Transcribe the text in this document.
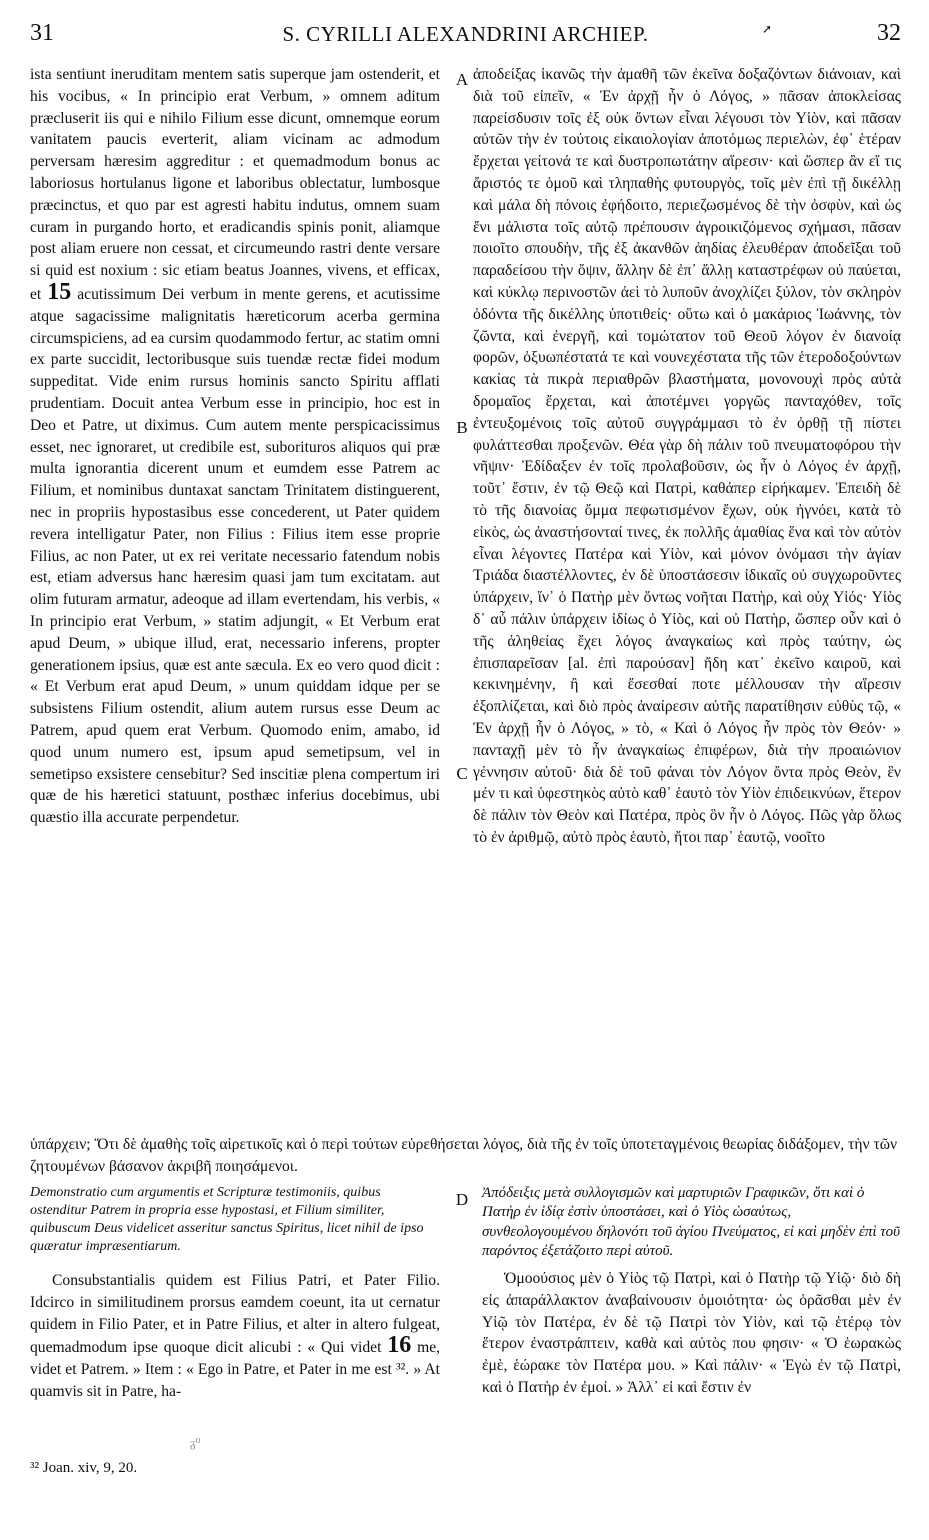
31	S. CYRILLI ALEXANDRINI ARCHIEP.	➚	32

ista sentiunt ineruditam mentem satis superque jam ostenderit, et his vocibus, « In principio erat Verbum, » omnem aditum præcluserit iis qui e nihilo Filium esse dicunt, omnemque eorum vanitatem paucis everterit, aliam vicinam ac admodum perversam hæresim aggreditur : et quemadmodum bonus ac laboriosus hortulanus ligone et laboribus oblectatur, lumbosque præcinctus, et quo par est agresti habitu indutus, omnem suam curam in purgando horto, et eradicandis spinis ponit, aliamque post aliam eruere non cessat, et circumeundo rastri dente versare si quid est noxium : sic etiam beatus Joannes, vivens, et efficax, et 15 acutissimum Dei verbum in mente gerens, et acutissime atque sagacissime malignitatis hæreticorum acerba germina circumspiciens, ad ea cursim quodammodo fertur, ac statim omni ex parte succidit, lectoribusque suis tuendæ rectæ fidei modum suppeditat. Vide enim rursus hominis sancto Spiritu afflati prudentiam. Docuit antea Verbum esse in principio, hoc est in Deo et Patre, ut diximus. Cum autem mente perspicacissimus esset, nec ignoraret, ut credibile est, suborituros aliquos qui præ multa ignorantia dicerent unum et eumdem esse Patrem ac Filium, et nominibus duntaxat sanctam Trinitatem distinguerent, nec in propriis hypostasibus esse concederent, ut Pater quidem revera intelligatur Pater, non Filius : Filius item esse proprie Filius, ac non Pater, ut ex rei veritate necessario fatendum nobis est, etiam adversus hanc hæresim quasi jam tum excitatam. aut olim futuram armatur, adeoque ad illam evertendam, his verbis, « In principio erat Verbum, » statim adjungit, « Et Verbum erat apud Deum, » ubique illud, erat, necessario inferens, propter generationem ipsius, quæ est ante sæcula. Ex eo vero quod dicit : « Et Verbum erat apud Deum, » unum quiddam idque per se subsistens Filium ostendit, alium autem rursus esse Deum ac Patrem, apud quem erat Verbum. Quomodo enim, amabo, id quod unum numero est, ipsum apud semetipsum, vel in semetipso exsistere censebitur? Sed inscitiæ plena compertum iri quæ de his hæretici statuunt, posthæc inferius docebimus, ubi quæstio illa accurate perpendetur.

A
B
C
D

ἀποδείξας ἱκανῶς τὴν ἀμαθῆ τῶν ἐκεῖνα δοξαζόντων διάνοιαν, καὶ διὰ τοῦ εἰπεῖν, « Ἐν ἀρχῇ ἦν ὁ Λόγος, » πᾶσαν ἀποκλείσας παρείσδυσιν τοῖς ἐξ οὐκ ὄντων εἶναι λέγουσι τὸν Υἱὸν, καὶ πᾶσαν αὐτῶν τὴν ἐν τούτοις εἰκαιολογίαν ἀποτόμως περιελὼν, ἐφ᾽ ἑτέραν ἔρχεται γείτονά τε καὶ δυστροπωτάτην αἵρεσιν· καὶ ὥσπερ ἂν εἴ τις ἄριστός τε ὁμοῦ καὶ τληπαθὴς φυτουργὸς, τοῖς μὲν ἐπὶ τῇ δικέλλῃ καὶ μάλα δὴ πόνοις ἐφήδοιτο, περιεζωσμένος δὲ τὴν ὀσφὺν, καὶ ὡς ἔνι μάλιστα τοῖς αὐτῷ πρέπουσιν ἀγροικιζόμενος σχήμασι, πᾶσαν ποιοῖτο σπουδὴν, τῆς ἐξ ἀκανθῶν ἀηδίας ἐλευθέραν ἀποδεῖξαι τοῦ παραδείσου τὴν ὄψιν, ἄλλην δὲ ἐπ᾽ ἄλλῃ καταστρέφων οὐ παύεται, καὶ κύκλῳ περινοστῶν ἀεὶ τὸ λυποῦν ἀνοχλίζει ξύλον, τὸν σκληρὸν ὀδόντα τῆς δικέλλης ὑποτιθείς· οὕτω καὶ ὁ μακάριος Ἰωάννης, τὸν ζῶντα, καὶ ἐνεργῆ, καὶ τομώτατον τοῦ Θεοῦ λόγον ἐν διανοίᾳ φορῶν, ὀξυωπέστατά τε καὶ νουνεχέστατα τῆς τῶν ἑτεροδοξούντων κακίας τὰ πικρὰ περιαθρῶν βλαστήματα, μονονουχὶ πρὸς αὐτὰ δρομαῖος ἔρχεται, καὶ ἀποτέμνει γοργῶς πανταχόθεν, τοῖς ἐντευξομένοις τοῖς αὐτοῦ συγγράμμασι τὸ ἐν ὀρθῇ τῇ πίστει φυλάττεσθαι προξενῶν. Θέα γὰρ δὴ πάλιν τοῦ πνευματοφόρου τὴν νῆψιν· Ἐδίδαξεν ἐν τοῖς προλαβοῦσιν, ὡς ἦν ὁ Λόγος ἐν ἀρχῇ, τοῦτ᾽ ἔστιν, ἐν τῷ Θεῷ καὶ Πατρὶ, καθάπερ εἰρήκαμεν. Ἐπειδὴ δὲ τὸ τῆς διανοίας ὄμμα πεφωτισμένον ἔχων, οὐκ ἠγνόει, κατὰ τὸ εἰκὸς, ὡς ἀναστήσονταί τινες, ἐκ πολλῆς ἀμαθίας ἕνα καὶ τὸν αὐτὸν εἶναι λέγοντες Πατέρα καὶ Υἱὸν, καὶ μόνον ὀνόμασι τὴν ἁγίαν Τριάδα διαστέλλοντες, ἐν δὲ ὑποστάσεσιν ἰδικαῖς οὐ συγχωροῦντες ὑπάρχειν, ἵν᾽ ὁ Πατὴρ μὲν ὄντως νοῆται Πατὴρ, καὶ οὐχ Υἱός· Υἱὸς δ᾽ αὖ πάλιν ὑπάρχειν ἰδίως ὁ Υἱὸς, καὶ οὐ Πατὴρ, ὥσπερ οὖν καὶ ὁ τῆς ἀληθείας ἔχει λόγος ἀναγκαίως καὶ πρὸς ταύτην, ὡς ἐπισπαρεῖσαν [al. ἐπὶ παρούσαν] ἤδη κατ᾽ ἐκεῖνο καιροῦ, καὶ κεκινημένην, ἢ καὶ ἔσεσθαί ποτε μέλλουσαν τὴν αἵρεσιν ἐξοπλίζεται, καὶ διὸ πρὸς ἀναίρεσιν αὐτῆς παρατίθησιν εὐθὺς τῷ, « Ἐν ἀρχῇ ἦν ὁ Λόγος, » τὸ, « Καὶ ὁ Λόγος ἦν πρὸς τὸν Θεόν· » πανταχῇ μὲν τὸ ἦν ἀναγκαίως ἐπιφέρων, διὰ τὴν προαιώνιον γέννησιν αὐτοῦ· διὰ δὲ τοῦ φάναι τὸν Λόγον ὄντα πρὸς Θεὸν, ἓν μέν τι καὶ ὑφεστηκὸς αὐτὸ καθ᾽ ἑαυτὸ τὸν Υἱὸν ἐπιδεικνύων, ἕτερον δὲ πάλιν τὸν Θεὸν καὶ Πατέρα, πρὸς ὃν ἦν ὁ Λόγος. Πῶς γὰρ ὅλως τὸ ἐν ἀριθμῷ, αὐτὸ πρὸς ἑαυτὸ, ἤτοι παρ᾽ ἑαυτῷ, νοοῖτο

ὑπάρχειν; Ὅτι δὲ ἀμαθὴς τοῖς αἱρετικοῖς καὶ ὁ περὶ τούτων εὑρεθήσεται λόγος, διὰ τῆς ἐν τοῖς ὑποτεταγμένοις θεωρίας διδάξομεν, τὴν τῶν ζητουμένων βάσανον ἀκριβῆ ποιησάμενοι.

Demonstratio cum argumentis et Scripturæ testimoniis, quibus ostenditur Patrem in propria esse hypostasi, et Filium similiter, quibuscum Deus videlicet asseritur sanctus Spiritus, licet nihil de ipso quæratur impræsentiarum.
Ἀπόδειξις μετὰ συλλογισμῶν καὶ μαρτυριῶν Γραφικῶν, ὅτι καὶ ὁ Πατὴρ ἐν ἰδίᾳ ἐστὶν ὑποστάσει, καὶ ὁ Υἱὸς ὡσαύτως, συνθεολογουμένου δηλονότι τοῦ ἁγίου Πνεύματος, εἰ καὶ μηδὲν ἐπὶ τοῦ παρόντος ἐξετάζοιτο περὶ αὐτοῦ.

Consubstantialis quidem est Filius Patri, et Pater Filio. Idcirco in similitudinem prorsus eamdem coeunt, ita ut cernatur quidem in Filio Pater, et in Patre Filius, et alter in altero fulgeat, quemadmodum ipse quoque dicit alicubi : « Qui videt 16 me, videt et Patrem. » Item : « Ego in Patre, et Pater in me est ³². » At quamvis sit in Patre, ha-

Ὁμοούσιος μὲν ὁ Υἱὸς τῷ Πατρὶ, καὶ ὁ Πατὴρ τῷ Υἱῷ· διὸ δὴ εἰς ἀπαράλλακτον ἀναβαίνουσιν ὁμοιότητα· ὡς ὁρᾶσθαι μὲν ἐν Υἱῷ τὸν Πατέρα, ἐν δὲ τῷ Πατρὶ τὸν Υἱὸν, καὶ τῷ ἑτέρῳ τὸν ἕτερον ἐναστράπτειν, καθὰ καὶ αὐτὸς που φησιν· « Ὁ ἑωρακὼς ἐμὲ, ἑώρακε τὸν Πατέρα μου. » Καὶ πάλιν· « Ἐγὼ ἐν τῷ Πατρὶ, καὶ ὁ Πατὴρ ἐν ἐμοί. » Ἀλλ᾽ εἰ καὶ ἔστιν ἐν

ᵹ⁰
³² Joan. xiv, 9, 20.
